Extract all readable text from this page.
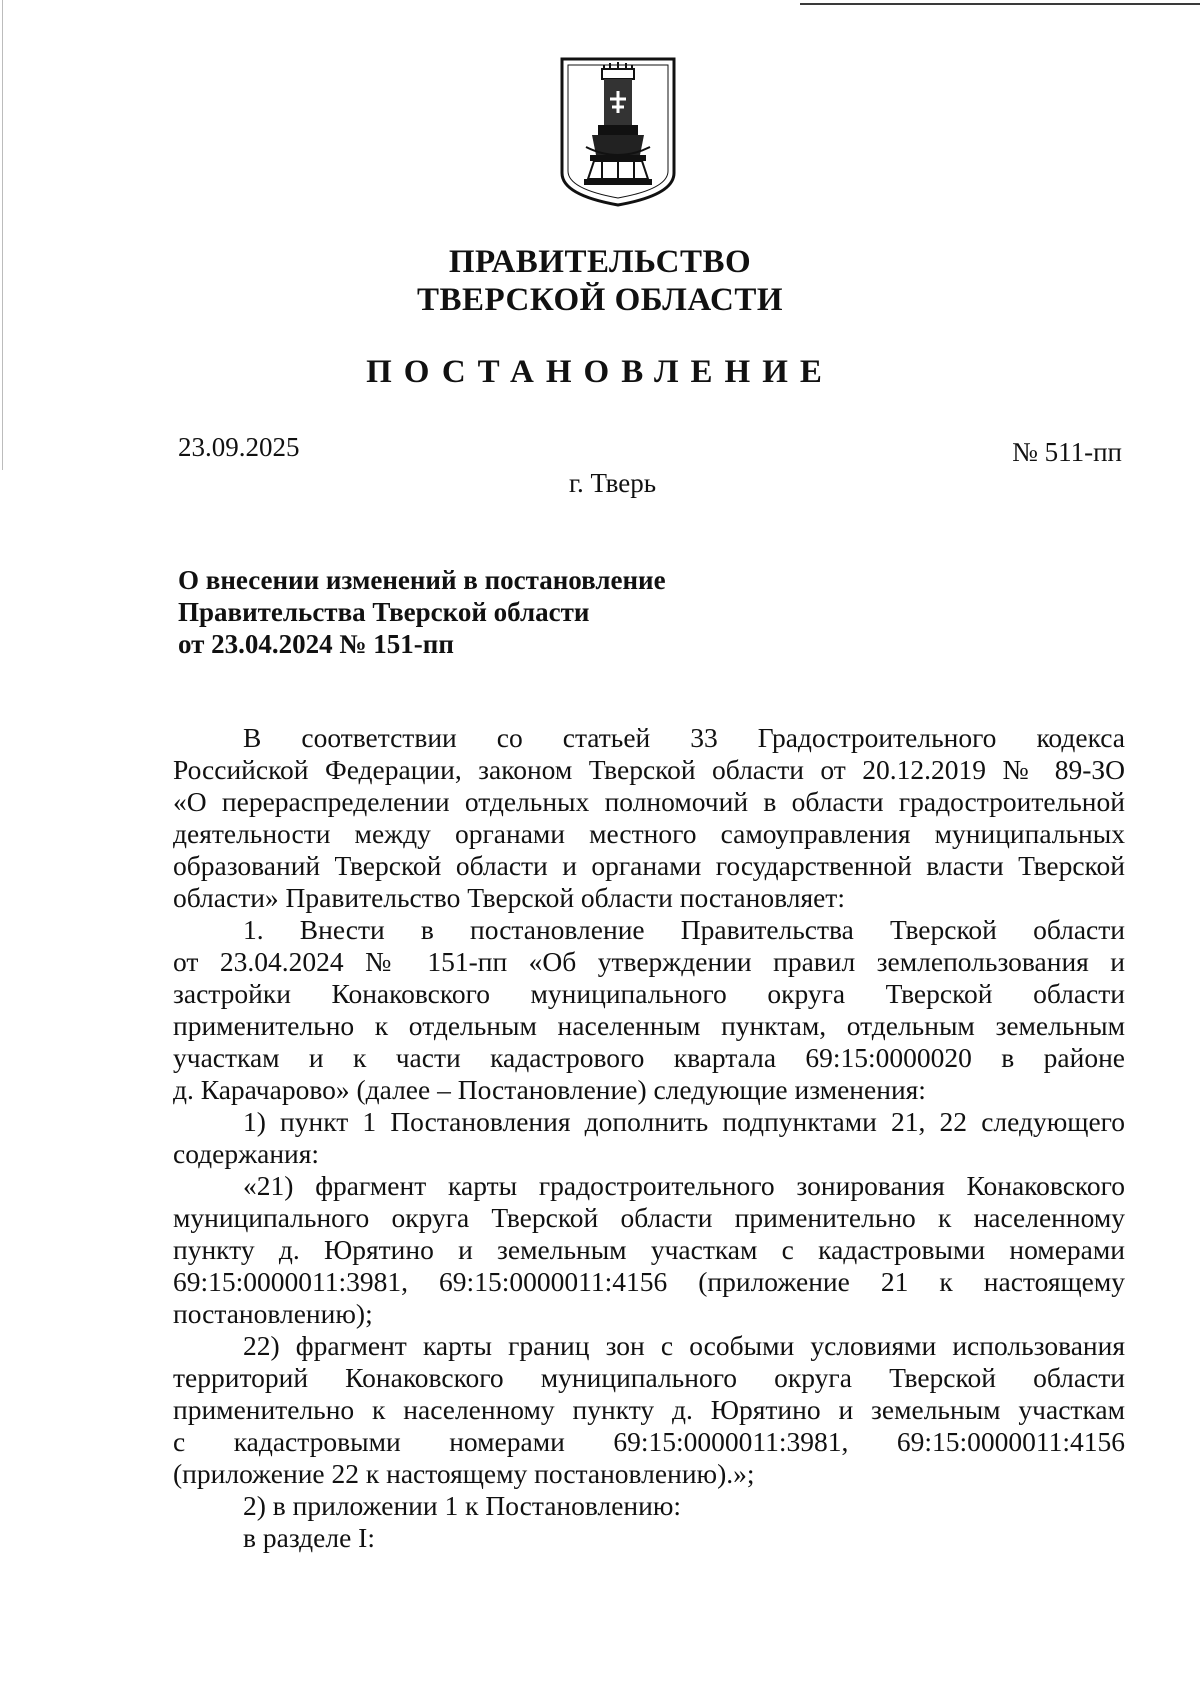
ПРАВИТЕЛЬСТВО
ТВЕРСКОЙ ОБЛАСТИ
ПОСТАНОВЛЕНИЕ
23.09.2025	№ 511-пп
г. Тверь
О внесении изменений в постановление
Правительства Тверской области
от 23.04.2024 № 151-пп
В соответствии со статьей 33 Градостроительного кодекса
Российской Федерации, законом Тверской области от 20.12.2019 № 89-ЗО
«О перераспределении отдельных полномочий в области градостроительной
деятельности между органами местного самоуправления муниципальных
образований Тверской области и органами государственной власти Тверской
области» Правительство Тверской области постановляет:
1. Внести в постановление Правительства Тверской области
от 23.04.2024 № 151-пп «Об утверждении правил землепользования и
застройки Конаковского муниципального округа Тверской области
применительно к отдельным населенным пунктам, отдельным земельным
участкам и к части кадастрового квартала 69:15:0000020 в районе
д. Карачарово» (далее – Постановление) следующие изменения:
1) пункт 1 Постановления дополнить подпунктами 21, 22 следующего
содержания:
«21) фрагмент карты градостроительного зонирования Конаковского
муниципального округа Тверской области применительно к населенному
пункту д. Юрятино и земельным участкам с кадастровыми номерами
69:15:0000011:3981, 69:15:0000011:4156 (приложение 21 к настоящему
постановлению);
22) фрагмент карты границ зон с особыми условиями использования
территорий Конаковского муниципального округа Тверской области
применительно к населенному пункту д. Юрятино и земельным участкам
с кадастровыми номерами 69:15:0000011:3981, 69:15:0000011:4156
(приложение 22 к настоящему постановлению).»;
2) в приложении 1 к Постановлению:
в разделе I:
